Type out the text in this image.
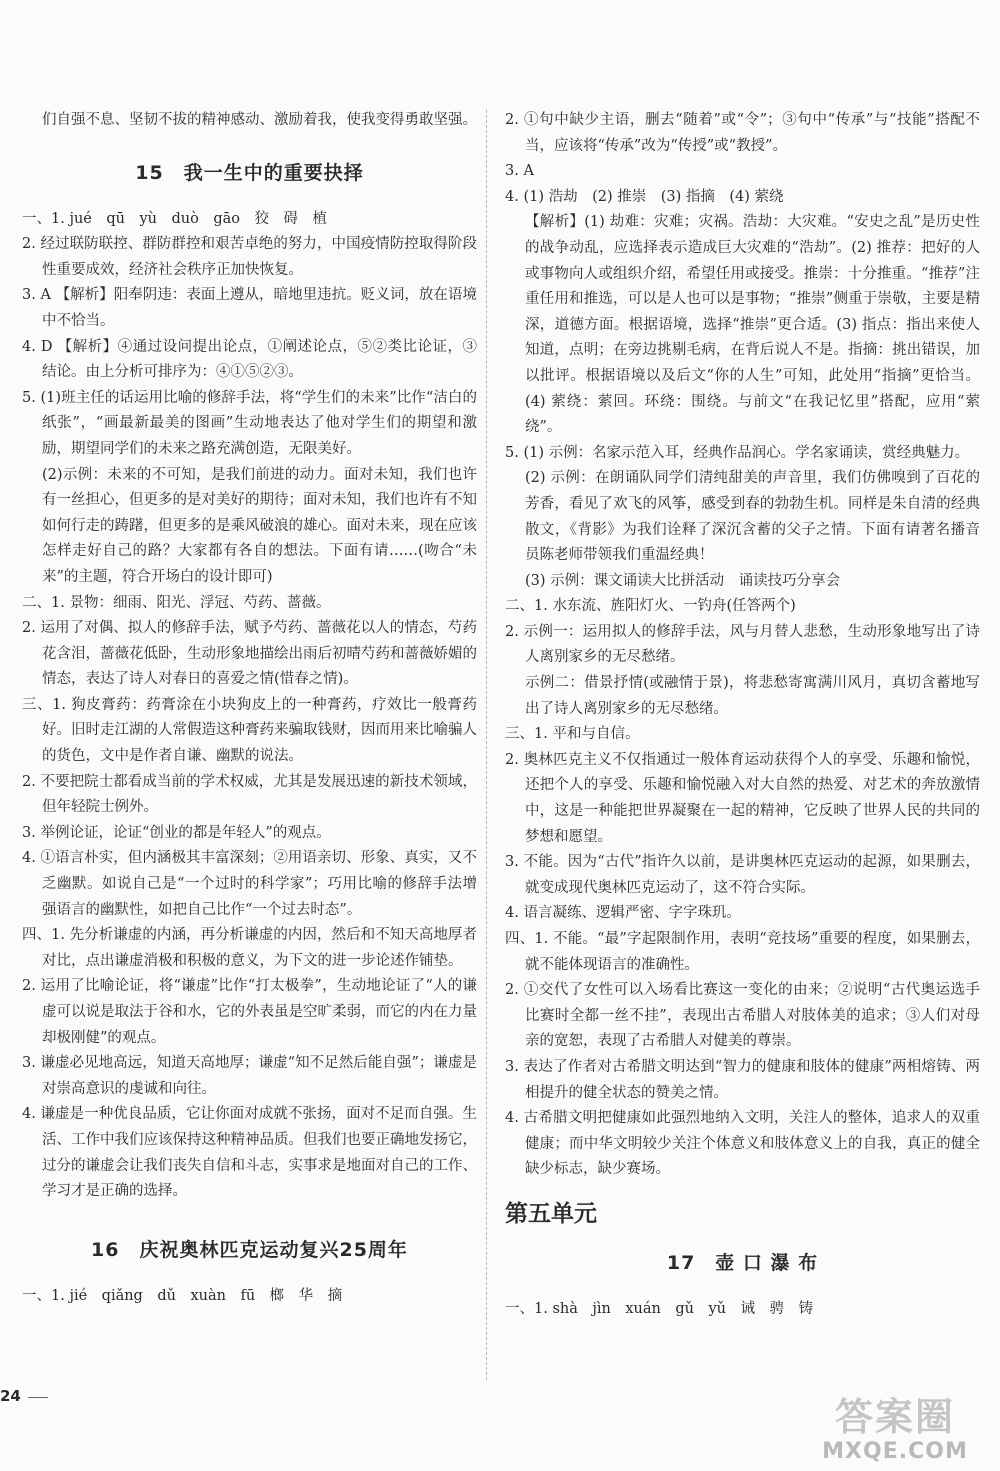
们自强不息、坚韧不拔的精神感动、激励着我，使我变得勇敢坚强。

15　我一生中的重要抉择

一、1. jué　qū　yù　duò　gāo　狡　碍　植

2. 经过联防联控、群防群控和艰苦卓绝的努力，中国疫情防控取得阶段性重要成效，经济社会秩序正加快恢复。

3. A 【解析】阳奉阴违：表面上遵从，暗地里违抗。贬义词，放在语境中不恰当。

4. D 【解析】④通过设问提出论点，①阐述论点，⑤②类比论证，③结论。由上分析可排序为：④①⑤②③。

5. (1)班主任的话运用比喻的修辞手法，将“学生们的未来”比作“洁白的纸张”，“画最新最美的图画”生动地表达了他对学生们的期望和激励，期望同学们的未来之路充满创造，无限美好。

(2)示例：未来的不可知，是我们前进的动力。面对未知，我们也许有一丝担心，但更多的是对美好的期待；面对未知，我们也许有不知如何行走的踌躇，但更多的是乘风破浪的雄心。面对未来，现在应该怎样走好自己的路？大家都有各自的想法。下面有请……(吻合“未来”的主题，符合开场白的设计即可)

二、1. 景物：细雨、阳光、浮冠、芍药、蔷薇。

2. 运用了对偶、拟人的修辞手法，赋予芍药、蔷薇花以人的情态，芍药花含泪，蔷薇花低卧，生动形象地描绘出雨后初晴芍药和蔷薇娇媚的情态，表达了诗人对春日的喜爱之情(惜春之情)。

三、1. 狗皮膏药：药膏涂在小块狗皮上的一种膏药，疗效比一般膏药好。旧时走江湖的人常假造这种膏药来骗取钱财，因而用来比喻骗人的货色，文中是作者自谦、幽默的说法。

2. 不要把院士都看成当前的学术权威，尤其是发展迅速的新技术领域，但年轻院士例外。

3. 举例论证，论证“创业的都是年轻人”的观点。

4. ①语言朴实，但内涵极其丰富深刻；②用语亲切、形象、真实，又不乏幽默。如说自己是“一个过时的科学家”；巧用比喻的修辞手法增强语言的幽默性，如把自己比作“一个过去时态”。

四、1. 先分析谦虚的内涵，再分析谦虚的内因，然后和不知天高地厚者对比，点出谦虚消极和积极的意义，为下文的进一步论述作铺垫。

2. 运用了比喻论证，将“谦虚”比作“打太极拳”，生动地论证了“人的谦虚可以说是取法于谷和水，它的外表虽是空旷柔弱，而它的内在力量却极刚健”的观点。

3. 谦虚必见地高远，知道天高地厚；谦虚“知不足然后能自强”；谦虚是对崇高意识的虔诚和向往。

4. 谦虚是一种优良品质，它让你面对成就不张扬，面对不足而自强。生活、工作中我们应该保持这种精神品质。但我们也要正确地发扬它，过分的谦虚会让我们丧失自信和斗志，实事求是地面对自己的工作、学习才是正确的选择。

16　庆祝奥林匹克运动复兴25周年

一、1. jié　qiǎng　dǔ　xuàn　fū　榔　华　摘

2. ①句中缺少主语，删去“随着”或“令”；③句中“传承”与“技能”搭配不当，应该将“传承”改为“传授”或“教授”。

3. A

4. (1) 浩劫　(2) 推崇　(3) 指摘　(4) 萦绕

【解析】(1) 劫难：灾难；灾祸。浩劫：大灾难。“安史之乱”是历史性的战争动乱，应选择表示造成巨大灾难的“浩劫”。(2) 推荐：把好的人或事物向人或组织介绍，希望任用或接受。推崇：十分推重。“推荐”注重任用和推选，可以是人也可以是事物；“推崇”侧重于崇敬，主要是精深，道德方面。根据语境，选择“推崇”更合适。(3) 指点：指出来使人知道，点明；在旁边挑剔毛病，在背后说人不是。指摘：挑出错误，加以批评。根据语境以及后文“你的人生”可知，此处用“指摘”更恰当。(4) 萦绕：萦回。环绕：围绕。与前文“在我记忆里”搭配，应用“萦绕”。

5. (1) 示例：名家示范入耳，经典作品润心。学名家诵读，赏经典魅力。

(2) 示例：在朗诵队同学们清纯甜美的声音里，我们仿佛嗅到了百花的芳香，看见了欢飞的风筝，感受到春的勃勃生机。同样是朱自清的经典散文，《背影》为我们诠释了深沉含蓄的父子之情。下面有请著名播音员陈老师带领我们重温经典！

(3) 示例：课文诵读大比拼活动　诵读技巧分享会

二、1. 水东流、旌阳灯火、一钓舟(任答两个)

2. 示例一：运用拟人的修辞手法，风与月替人悲愁，生动形象地写出了诗人离别家乡的无尽愁绪。

示例二：借景抒情(或融情于景)，将悲愁寄寓满川风月，真切含蓄地写出了诗人离别家乡的无尽愁绪。

三、1. 平和与自信。

2. 奥林匹克主义不仅指通过一般体育运动获得个人的享受、乐趣和愉悦，还把个人的享受、乐趣和愉悦融入对大自然的热爱、对艺术的奔放激情中，这是一种能把世界凝聚在一起的精神，它反映了世界人民的共同的梦想和愿望。

3. 不能。因为“古代”指许久以前，是讲奥林匹克运动的起源，如果删去，就变成现代奥林匹克运动了，这不符合实际。

4. 语言凝练、逻辑严密、字字珠玑。

四、1. 不能。“最”字起限制作用，表明“竞技场”重要的程度，如果删去，就不能体现语言的准确性。

2. ①交代了女性可以入场看比赛这一变化的由来；②说明“古代奥运选手比赛时全都一丝不挂”，表现出古希腊人对肢体美的追求；③人们对母亲的宽恕，表现了古希腊人对健美的尊崇。

3. 表达了作者对古希腊文明达到“智力的健康和肢体的健康”两相熔铸、两相提升的健全状态的赞美之情。

4. 古希腊文明把健康如此强烈地纳入文明，关注人的整体，追求人的双重健康；而中华文明较少关注个体意义和肢体意义上的自我，真正的健全缺少标志，缺少赛场。

第五单元
17　壶 口 瀑 布

一、1. shà　jìn　xuán　gǔ　yǔ　诫　骋　铸

24	答案圈
MXQE.COM
